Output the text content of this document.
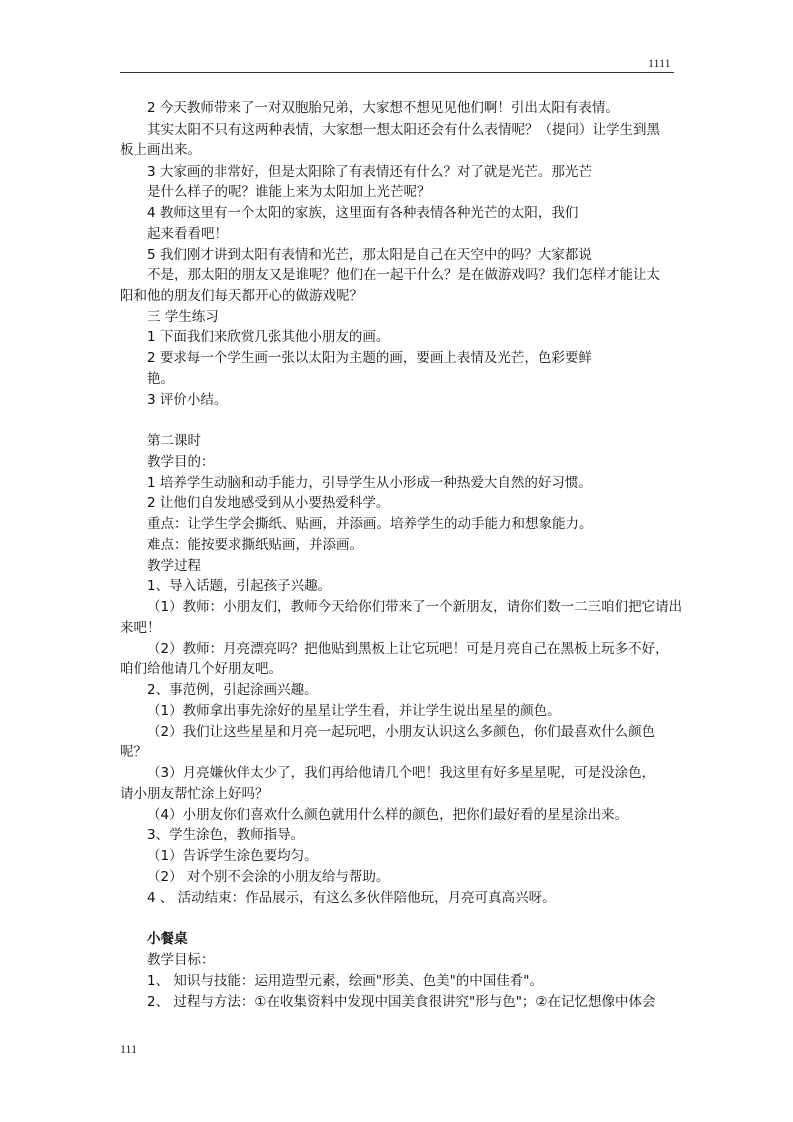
1111
2 今天教师带来了一对双胞胎兄弟，大家想不想见见他们啊！引出太阳有表情。
其实太阳不只有这两种表情，大家想一想太阳还会有什么表情呢？（提问）让学生到黑
板上画出来。
3 大家画的非常好，但是太阳除了有表情还有什么？对了就是光芒。那光芒
是什么样子的呢？谁能上来为太阳加上光芒呢？
4 教师这里有一个太阳的家族，这里面有各种表情各种光芒的太阳，我们
起来看看吧！
5 我们刚才讲到太阳有表情和光芒，那太阳是自己在天空中的吗？大家都说
不是，那太阳的朋友又是谁呢？他们在一起干什么？是在做游戏吗？我们怎样才能让太
阳和他的朋友们每天都开心的做游戏呢？
三 学生练习
1 下面我们来欣赏几张其他小朋友的画。
2 要求每一个学生画一张以太阳为主题的画，要画上表情及光芒，色彩要鲜
艳。
3 评价小结。
第二课时
教学目的：
1 培养学生动脑和动手能力，引导学生从小形成一种热爱大自然的好习惯。
2 让他们自发地感受到从小要热爱科学。
重点：让学生学会撕纸、贴画，并添画。培养学生的动手能力和想象能力。
难点：能按要求撕纸贴画，并添画。
教学过程
1、导入话题，引起孩子兴趣。
（1）教师：小朋友们，教师今天给你们带来了一个新朋友，请你们数一二三咱们把它请出
来吧！
（2）教师：月亮漂亮吗？把他贴到黑板上让它玩吧！可是月亮自己在黑板上玩多不好，
咱们给他请几个好朋友吧。
2、事范例，引起涂画兴趣。
（1）教师拿出事先涂好的星星让学生看，并让学生说出星星的颜色。
（2）我们让这些星星和月亮一起玩吧，小朋友认识这么多颜色，你们最喜欢什么颜色
呢？
（3）月亮嫌伙伴太少了，我们再给他请几个吧！我这里有好多星星呢，可是没涂色，
请小朋友帮忙涂上好吗？
（4）小朋友你们喜欢什么颜色就用什么样的颜色，把你们最好看的星星涂出来。
3、学生涂色，教师指导。
（1）告诉学生涂色要均匀。
（2） 对个别不会涂的小朋友给与帮助。
4 、 活动结束：作品展示，有这么多伙伴陪他玩，月亮可真高兴呀。
小餐桌
教学目标：
1、 知识与技能：运用造型元素，绘画"形美、色美"的中国佳肴"。
2、 过程与方法：①在收集资料中发现中国美食很讲究"形与色"；②在记忆想像中体会
111
